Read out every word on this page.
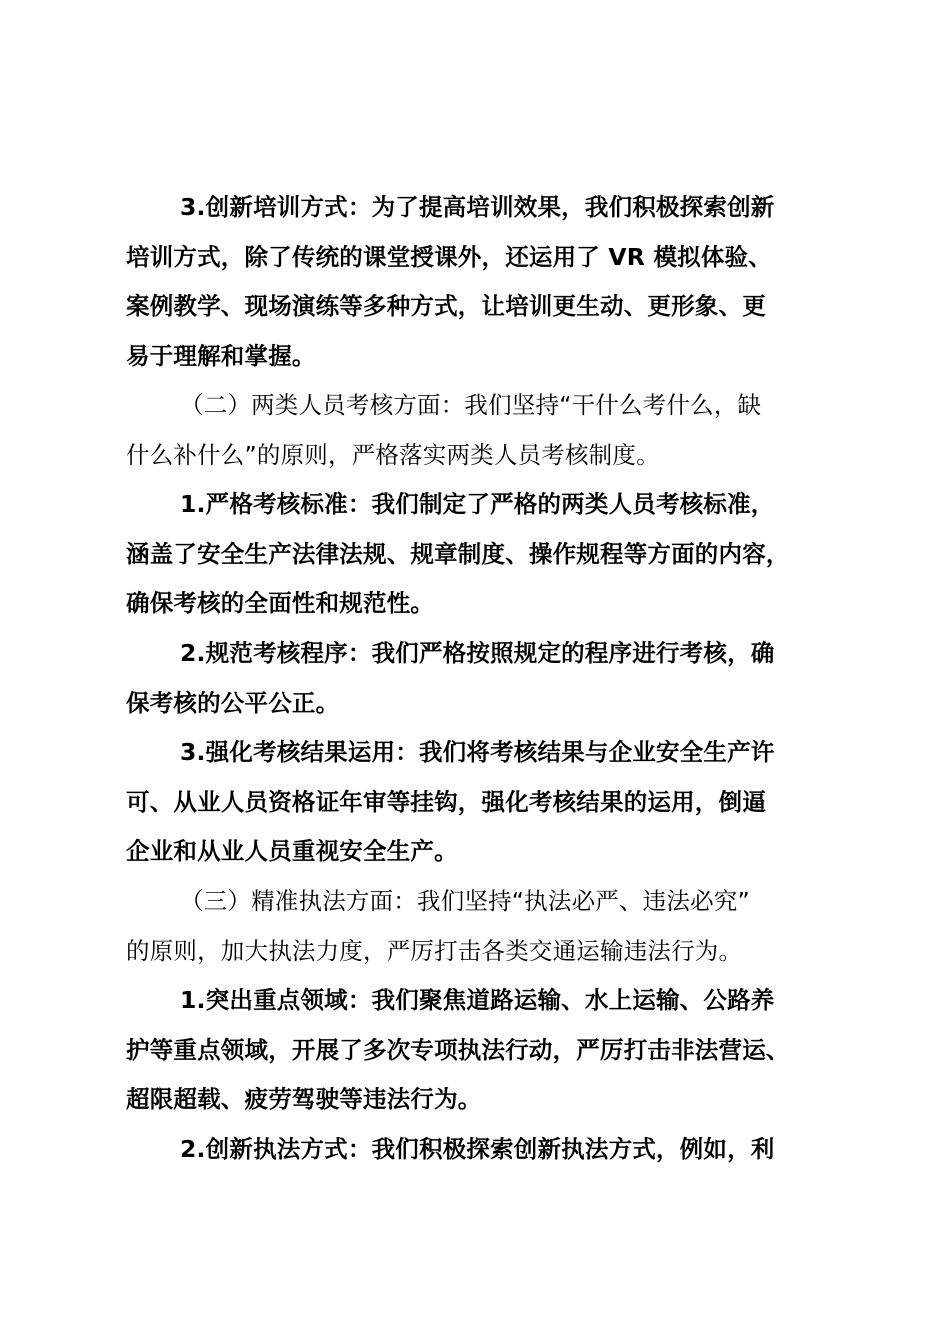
3.创新培训方式：为了提高培训效果，我们积极探索创新
培训方式，除了传统的课堂授课外，还运用了 VR 模拟体验、
案例教学、现场演练等多种方式，让培训更生动、更形象、更
易于理解和掌握。
（二）两类人员考核方面：我们坚持“干什么考什么，缺
什么补什么”的原则，严格落实两类人员考核制度。
1.严格考核标准：我们制定了严格的两类人员考核标准，
涵盖了安全生产法律法规、规章制度、操作规程等方面的内容，
确保考核的全面性和规范性。
2.规范考核程序：我们严格按照规定的程序进行考核，确
保考核的公平公正。
3.强化考核结果运用：我们将考核结果与企业安全生产许
可、从业人员资格证年审等挂钩，强化考核结果的运用，倒逼
企业和从业人员重视安全生产。
（三）精准执法方面：我们坚持“执法必严、违法必究”
的原则，加大执法力度，严厉打击各类交通运输违法行为。
1.突出重点领域：我们聚焦道路运输、水上运输、公路养
护等重点领域，开展了多次专项执法行动，严厉打击非法营运、
超限超载、疲劳驾驶等违法行为。
2.创新执法方式：我们积极探索创新执法方式，例如，利
